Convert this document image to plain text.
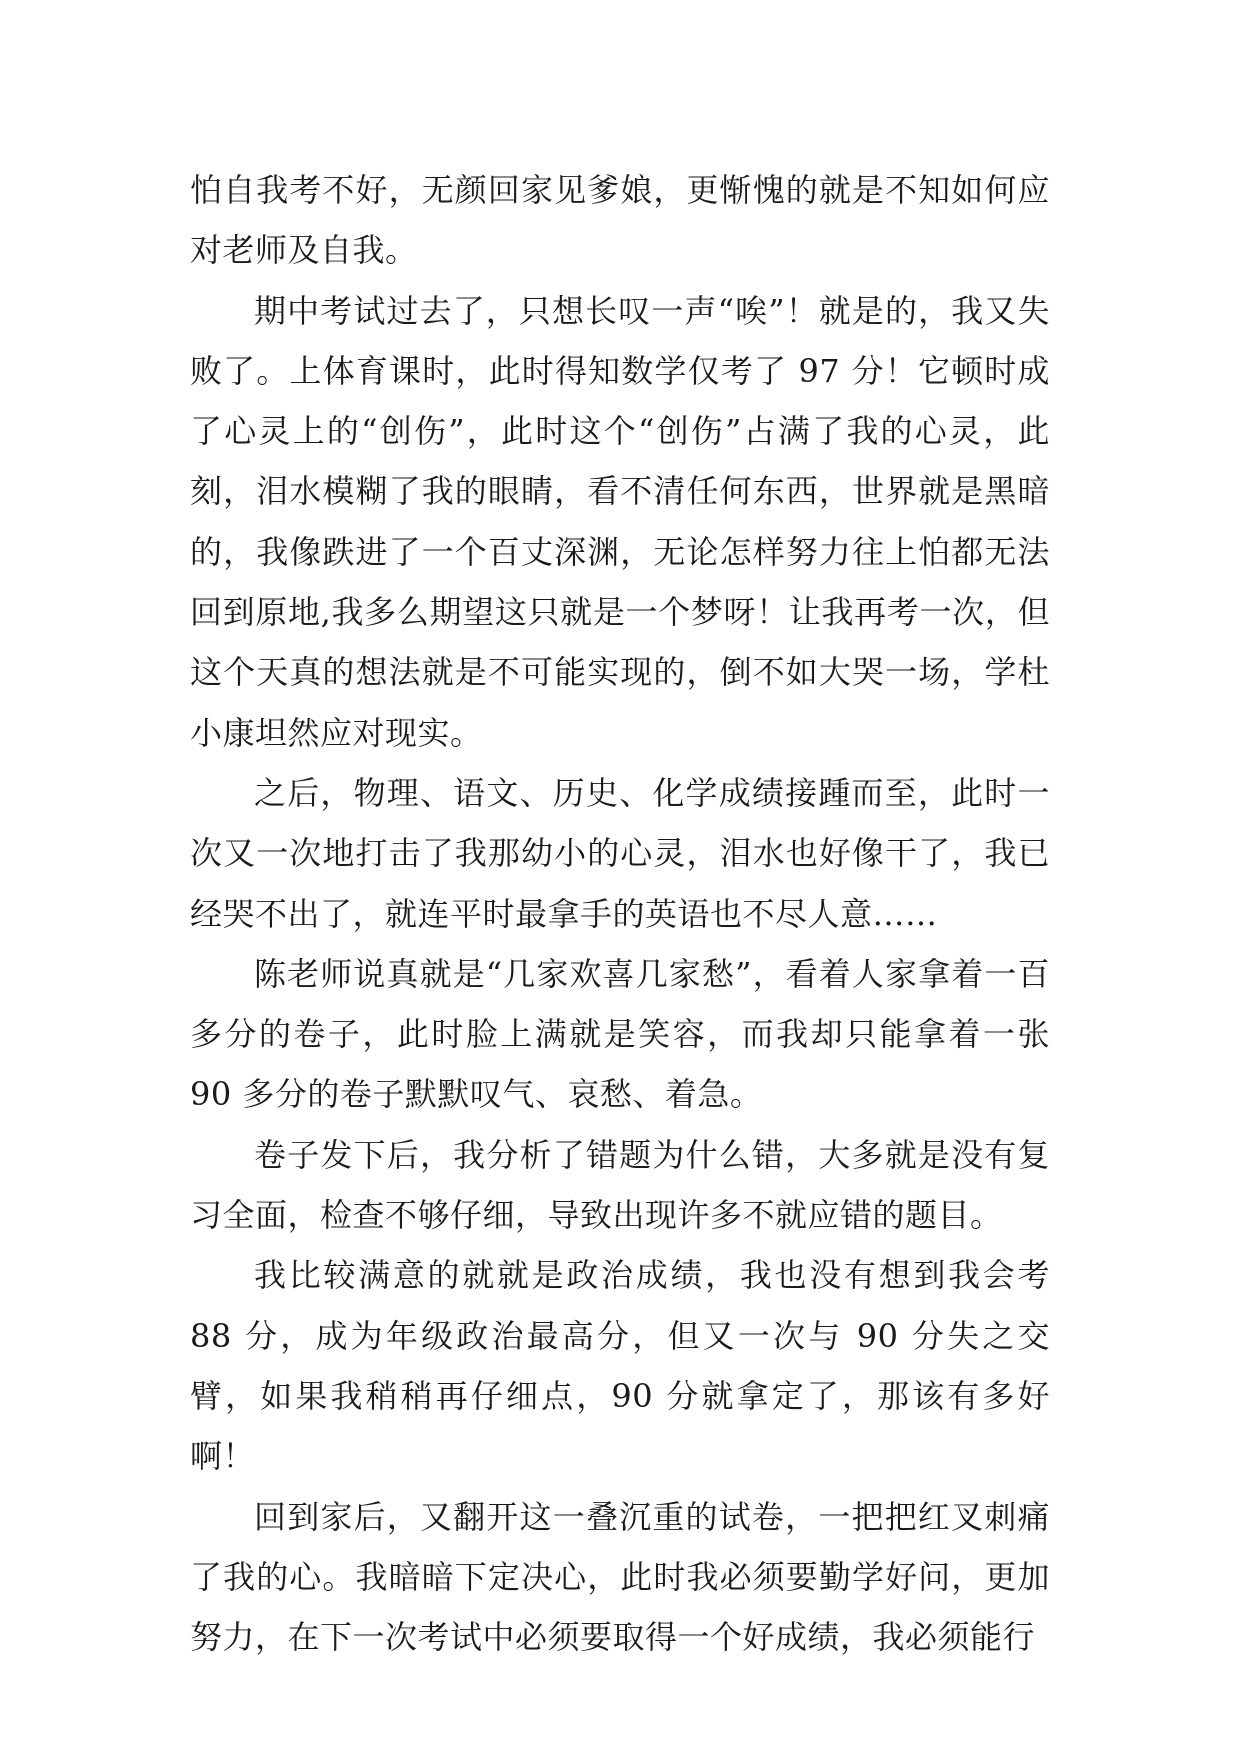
怕自我考不好，无颜回家见爹娘，更惭愧的就是不知如何应对老师及自我。

期中考试过去了，只想长叹一声“唉”！就是的，我又失败了。上体育课时，此时得知数学仅考了 97 分！它顿时成了心灵上的“创伤”，此时这个“创伤”占满了我的心灵，此刻，泪水模糊了我的眼睛，看不清任何东西，世界就是黑暗的，我像跌进了一个百丈深渊，无论怎样努力往上怕都无法回到原地,我多么期望这只就是一个梦呀！让我再考一次，但这个天真的想法就是不可能实现的，倒不如大哭一场，学杜小康坦然应对现实。

之后，物理、语文、历史、化学成绩接踵而至，此时一次又一次地打击了我那幼小的心灵，泪水也好像干了，我已经哭不出了，就连平时最拿手的英语也不尽人意……

陈老师说真就是“几家欢喜几家愁”，看着人家拿着一百多分的卷子，此时脸上满就是笑容，而我却只能拿着一张 90 多分的卷子默默叹气、哀愁、着急。

卷子发下后，我分析了错题为什么错，大多就是没有复习全面，检查不够仔细，导致出现许多不就应错的题目。

我比较满意的就就是政治成绩，我也没有想到我会考 88 分，成为年级政治最高分，但又一次与 90 分失之交臂，如果我稍稍再仔细点，90 分就拿定了，那该有多好啊！

回到家后，又翻开这一叠沉重的试卷，一把把红叉刺痛了我的心。我暗暗下定决心，此时我必须要勤学好问，更加努力，在下一次考试中必须要取得一个好成绩，我必须能行
